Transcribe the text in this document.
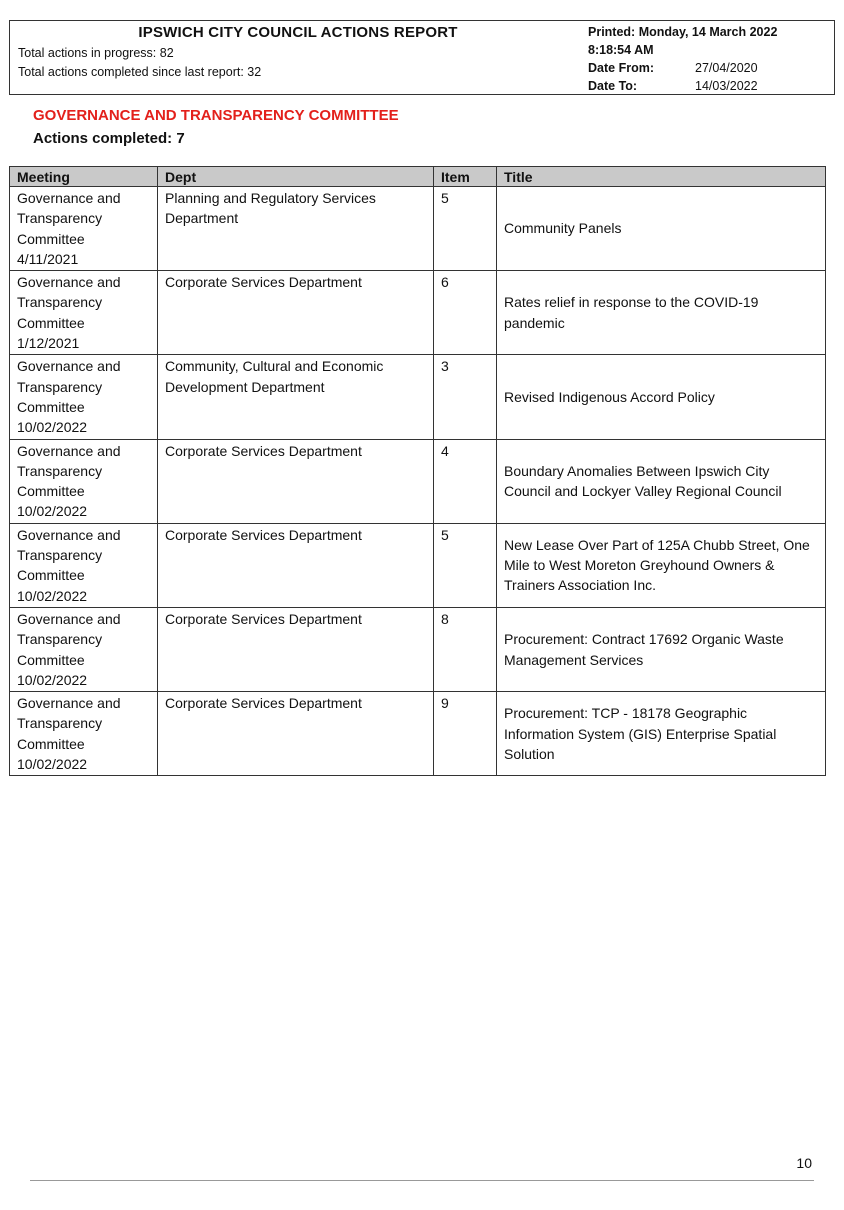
IPSWICH CITY COUNCIL ACTIONS REPORT
Total actions in progress: 82
Total actions completed since last report: 32
Printed: Monday, 14 March 2022
8:18:54 AM
Date From:	27/04/2020
Date To:	14/03/2022
GOVERNANCE AND TRANSPARENCY COMMITTEE
Actions completed: 7
Meeting	Dept	Item	Title

Governance and
Transparency
Committee
4/11/2021	Planning and Regulatory Services Department	5	Community Panels

Governance and
Transparency
Committee
1/12/2021	Corporate Services Department	6	Rates relief in response to the COVID-19 pandemic

Governance and
Transparency
Committee
10/02/2022	Community, Cultural and Economic Development Department	3	Revised Indigenous Accord Policy

Governance and
Transparency
Committee
10/02/2022	Corporate Services Department	4	Boundary Anomalies Between Ipswich City Council and Lockyer Valley Regional Council

Governance and
Transparency
Committee
10/02/2022	Corporate Services Department	5	New Lease Over Part of 125A Chubb Street, One Mile to West Moreton Greyhound Owners & Trainers Association Inc.

Governance and
Transparency
Committee
10/02/2022	Corporate Services Department	8	Procurement: Contract 17692 Organic Waste Management Services

Governance and
Transparency
Committee
10/02/2022	Corporate Services Department	9	Procurement: TCP - 18178 Geographic Information System (GIS) Enterprise Spatial Solution
10
